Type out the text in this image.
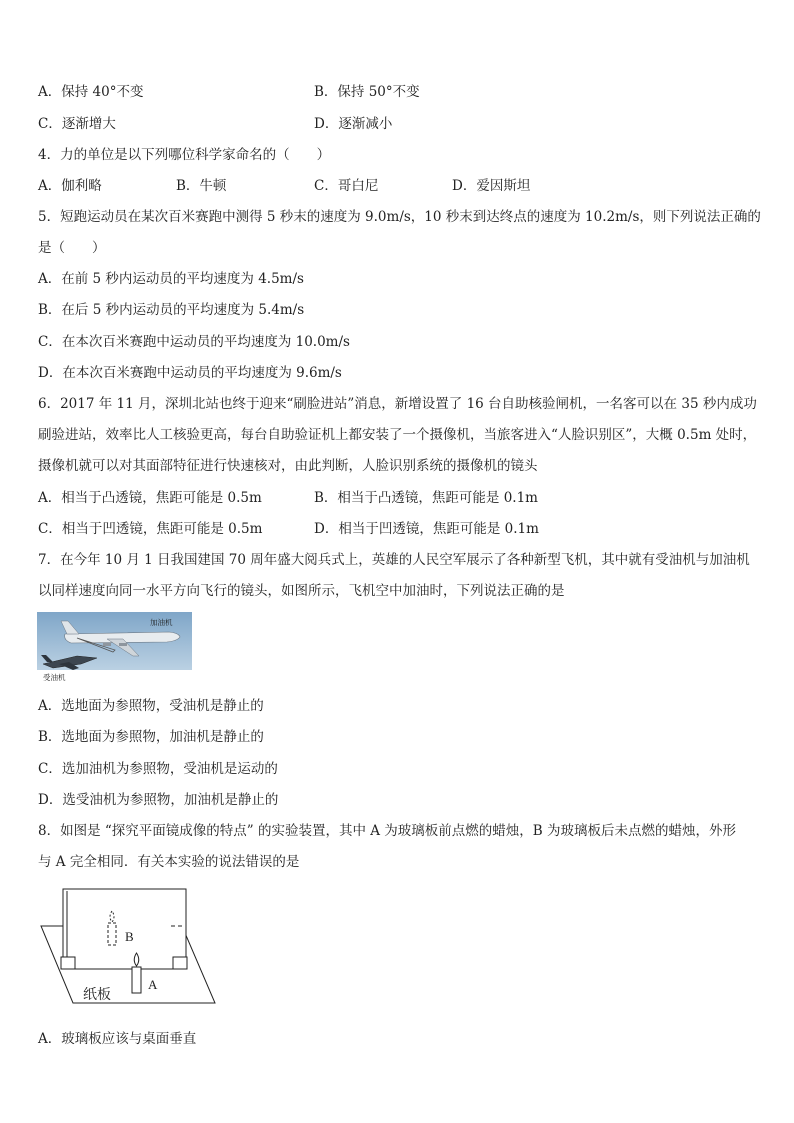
A．保持 40°不变	B．保持 50°不变
C．逐渐增大	D．逐渐减小
4．力的单位是以下列哪位科学家命名的（　　）
A．伽利略	B．牛顿	C．哥白尼	D．爱因斯坦
5．短跑运动员在某次百米赛跑中测得 5 秒末的速度为 9.0m/s，10 秒末到达终点的速度为 10.2m/s，则下列说法正确的
是（　　）
A．在前 5 秒内运动员的平均速度为 4.5m/s
B．在后 5 秒内运动员的平均速度为 5.4m/s
C．在本次百米赛跑中运动员的平均速度为 10.0m/s
D．在本次百米赛跑中运动员的平均速度为 9.6m/s
6．2017 年 11 月，深圳北站也终于迎来“刷脸进站”消息，新增设置了 16 台自助核验闸机，一名客可以在 35 秒内成功
刷验进站，效率比人工核验更高，每台自助验证机上都安装了一个摄像机，当旅客进入“人脸识别区”，大概 0.5m 处时，
摄像机就可以对其面部特征进行快速核对，由此判断，人脸识别系统的摄像机的镜头
A．相当于凸透镜，焦距可能是 0.5m	B．相当于凸透镜，焦距可能是 0.1m
C．相当于凹透镜，焦距可能是 0.5m	D．相当于凹透镜，焦距可能是 0.1m
7．在今年 10 月 1 日我国建国 70 周年盛大阅兵式上，英雄的人民空军展示了各种新型飞机，其中就有受油机与加油机
以同样速度向同一水平方向飞行的镜头，如图所示，飞机空中加油时，下列说法正确的是
加油机
受油机
A．选地面为参照物，受油机是静止的
B．选地面为参照物，加油机是静止的
C．选加油机为参照物，受油机是运动的
D．选受油机为参照物，加油机是静止的
8．如图是 “探究平面镜成像的特点” 的实验装置，其中 A 为玻璃板前点燃的蜡烛，B 为玻璃板后未点燃的蜡烛，外形
与 A 完全相同．有关本实验的说法错误的是
B
A
纸板
A．玻璃板应该与桌面垂直
